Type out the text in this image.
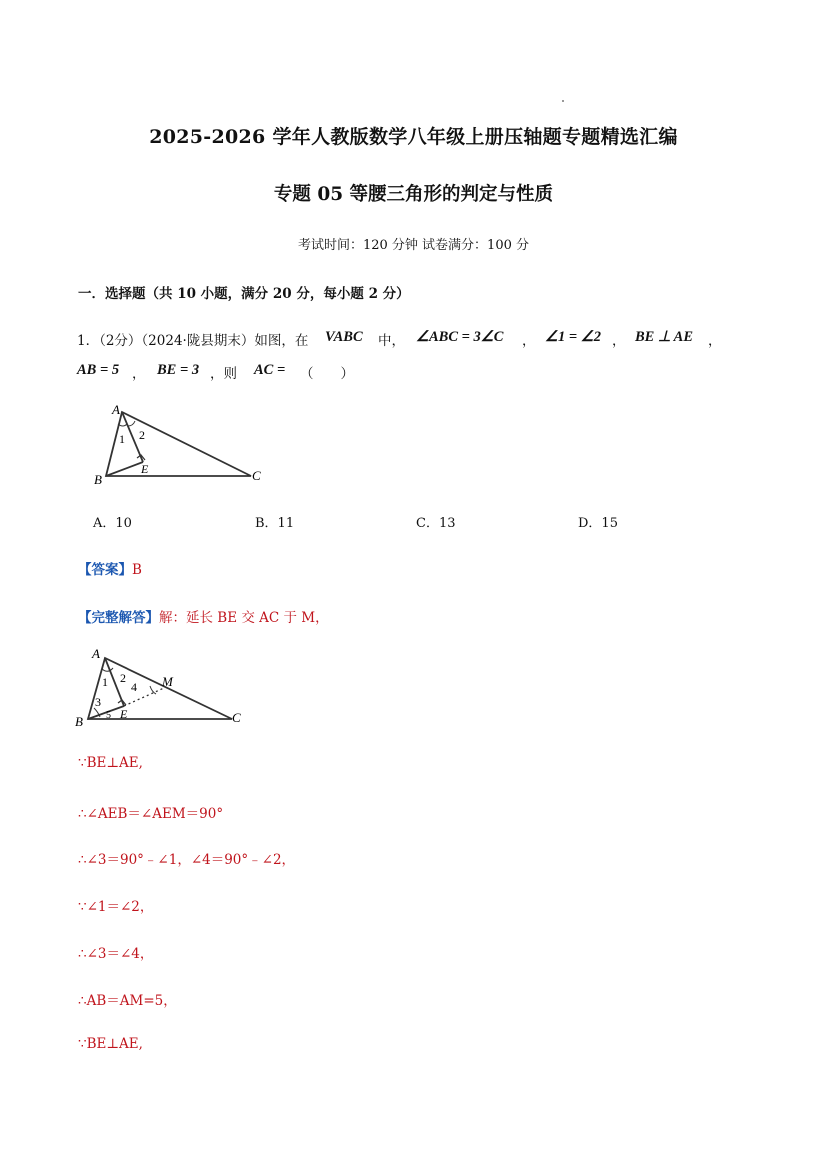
2025-2026 学年人教版数学八年级上册压轴题专题精选汇编
专题 05 等腰三角形的判定与性质
考试时间：120 分钟 试卷满分：100 分
一．选择题（共 10 小题，满分 20 分，每小题 2 分）
1．（2分）（2024·陇县期末）如图，在 VABC 中， ∠ABC = 3∠C ， ∠1 = ∠2 ， BE ⊥ AE ，
AB = 5 ， BE = 3 ，则 AC = （　　）
A
B	C
E
1 2
A．10	B．11	C．13	D．15
【答案】B
【完整解答】解：延长 BE 交 AC 于 M，
A
B	C
E
M
1 2
3
4
5
∵BE⊥AE,
∴∠AEB＝∠AEM＝90°
∴∠3＝90°﹣∠1，∠4＝90°﹣∠2，
∵∠1＝∠2，
∴∠3＝∠4，
∴AB＝AM=5，
∵BE⊥AE,
